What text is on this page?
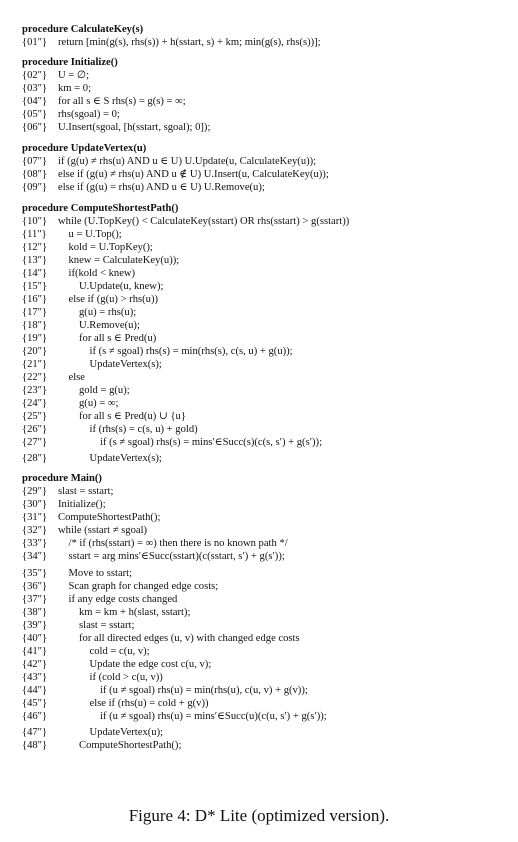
procedure CalculateKey(s)
{01"} return [min(g(s), rhs(s)) + h(sstart, s) + km; min(g(s), rhs(s))];
procedure Initialize()
{02"} U = ∅;
{03"} km = 0;
{04"} for all s ∈ S rhs(s) = g(s) = ∞;
{05"} rhs(sgoal) = 0;
{06"} U.Insert(sgoal, [h(sstart, sgoal); 0]);
procedure UpdateVertex(u)
{07"} if (g(u) ≠ rhs(u) AND u ∈ U) U.Update(u, CalculateKey(u));
{08"} else if (g(u) ≠ rhs(u) AND u ∉ U) U.Insert(u, CalculateKey(u));
{09"} else if (g(u) = rhs(u) AND u ∈ U) U.Remove(u);
procedure ComputeShortestPath()
{10"} while (U.TopKey() < CalculateKey(sstart) OR rhs(sstart) > g(sstart))
{11"} u = U.Top();
{12"} kold = U.TopKey();
{13"} knew = CalculateKey(u));
{14"} if(kold < knew)
{15"}	U.Update(u, knew);
{16"} else if (g(u) > rhs(u))
{17"}	g(u) = rhs(u);
{18"}	U.Remove(u);
{19"}	for all s ∈ Pred(u)
{20"}	if (s ≠ sgoal) rhs(s) = min(rhs(s), c(s, u) + g(u));
{21"}	UpdateVertex(s);
{22"} else
{23"}	gold = g(u);
{24"}	g(u) = ∞;
{25"}	for all s ∈ Pred(u) ∪ {u}
{26"}	if (rhs(s) = c(s, u) + gold)
{27"}	if (s ≠ sgoal) rhs(s) = mins′∈Succ(s)(c(s, s′) + g(s′));
{28"}	UpdateVertex(s);
procedure Main()
{29"} slast = sstart;
{30"} Initialize();
{31"} ComputeShortestPath();
{32"} while (sstart ≠ sgoal)
{33"} /* if (rhs(sstart) = ∞) then there is no known path */
{34"} sstart = arg mins′∈Succ(sstart)(c(sstart, s′) + g(s′));
{35"} Move to sstart;
{36"} Scan graph for changed edge costs;
{37"} if any edge costs changed
{38"}	km = km + h(slast, sstart);
{39"}	slast = sstart;
{40"}	for all directed edges (u, v) with changed edge costs
{41"}	cold = c(u, v);
{42"}	Update the edge cost c(u, v);
{43"}	if (cold > c(u, v))
{44"}	if (u ≠ sgoal) rhs(u) = min(rhs(u), c(u, v) + g(v));
{45"}	else if (rhs(u) = cold + g(v))
{46"}	if (u ≠ sgoal) rhs(u) = mins′∈Succ(u)(c(u, s′) + g(s′));
{47"}	UpdateVertex(u);
{48"}	ComputeShortestPath();
Figure 4: D* Lite (optimized version).
